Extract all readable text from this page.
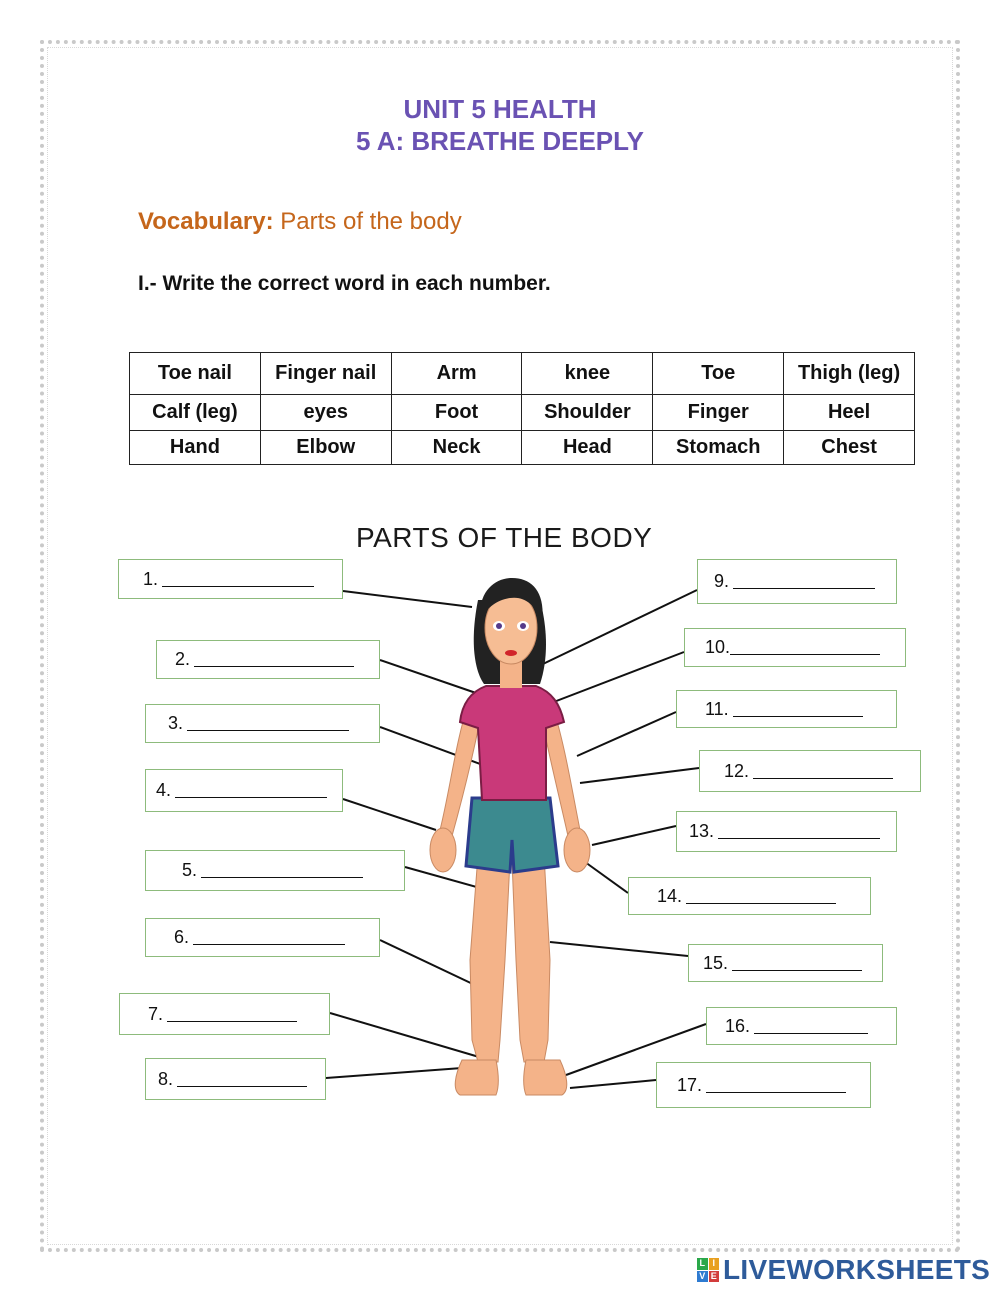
UNIT 5 HEALTH
5 A: BREATHE DEEPLY
Vocabulary: Parts of the body
I.- Write the correct word in each number.
Toe nail	Finger nail	Arm	knee	Toe	Thigh (leg)
Calf (leg)	eyes	Foot	Shoulder	Finger	Heel
Hand	Elbow	Neck	Head	Stomach	Chest
PARTS OF THE BODY
1.
2.
3.
4.
5.
6.
7.
8.
9.
10.
11.
12.
13.
14.
15.
16.
17.
L I
V E LIVEWORKSHEETS
